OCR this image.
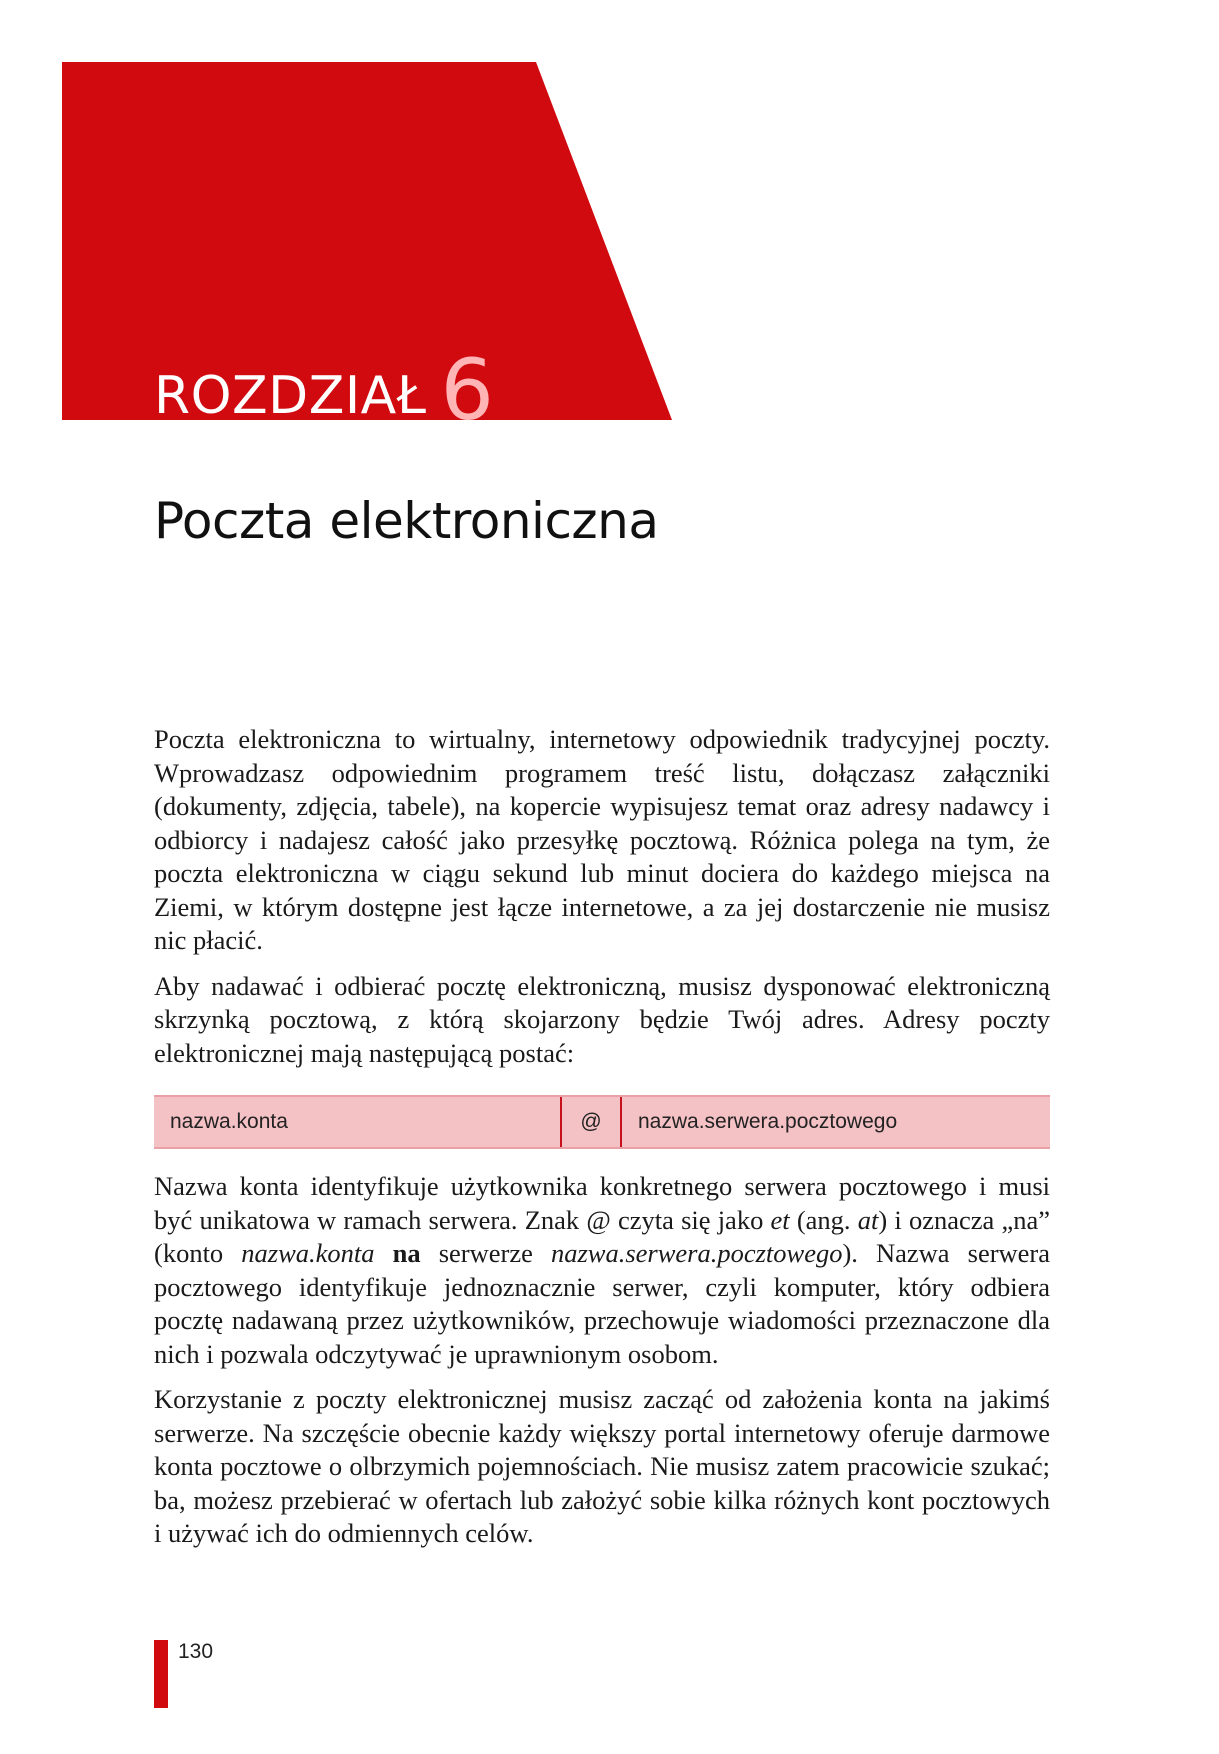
ROZDZIAŁ 6
Poczta elektroniczna

Poczta elektroniczna to wirtualny, internetowy odpowiednik tradycyjnej poczty. Wprowadzasz odpowiednim programem treść listu, dołączasz załączniki (dokumenty, zdjęcia, tabele), na kopercie wypisujesz temat oraz adresy nadawcy i odbiorcy i nadajesz całość jako przesyłkę pocztową. Różnica polega na tym, że poczta elektroniczna w ciągu sekund lub minut dociera do każdego miejsca na Ziemi, w którym dostępne jest łącze internetowe, a za jej dostarczenie nie musisz nic płacić.

Aby nadawać i odbierać pocztę elektroniczną, musisz dysponować elektroniczną skrzynką pocztową, z którą skojarzony będzie Twój adres. Adresy poczty elektronicznej mają następującą postać:

nazwa.konta	@	nazwa.serwera.pocztowego

Nazwa konta identyfikuje użytkownika konkretnego serwera pocztowego i musi być unikatowa w ramach serwera. Znak @ czyta się jako et (ang. at) i oznacza „na” (konto nazwa.konta na serwerze nazwa.serwera.pocztowego). Nazwa serwera pocztowego identyfikuje jednoznacznie serwer, czyli komputer, który odbiera pocztę nadawaną przez użytkowników, przechowuje wiadomości przeznaczone dla nich i pozwala odczytywać je uprawnionym osobom.

Korzystanie z poczty elektronicznej musisz zacząć od założenia konta na jakimś serwerze. Na szczęście obecnie każdy większy portal internetowy oferuje darmowe konta pocztowe o olbrzymich pojemnościach. Nie musisz zatem pracowicie szukać; ba, możesz przebierać w ofertach lub założyć sobie kilka różnych kont pocztowych i używać ich do odmiennych celów.

130
